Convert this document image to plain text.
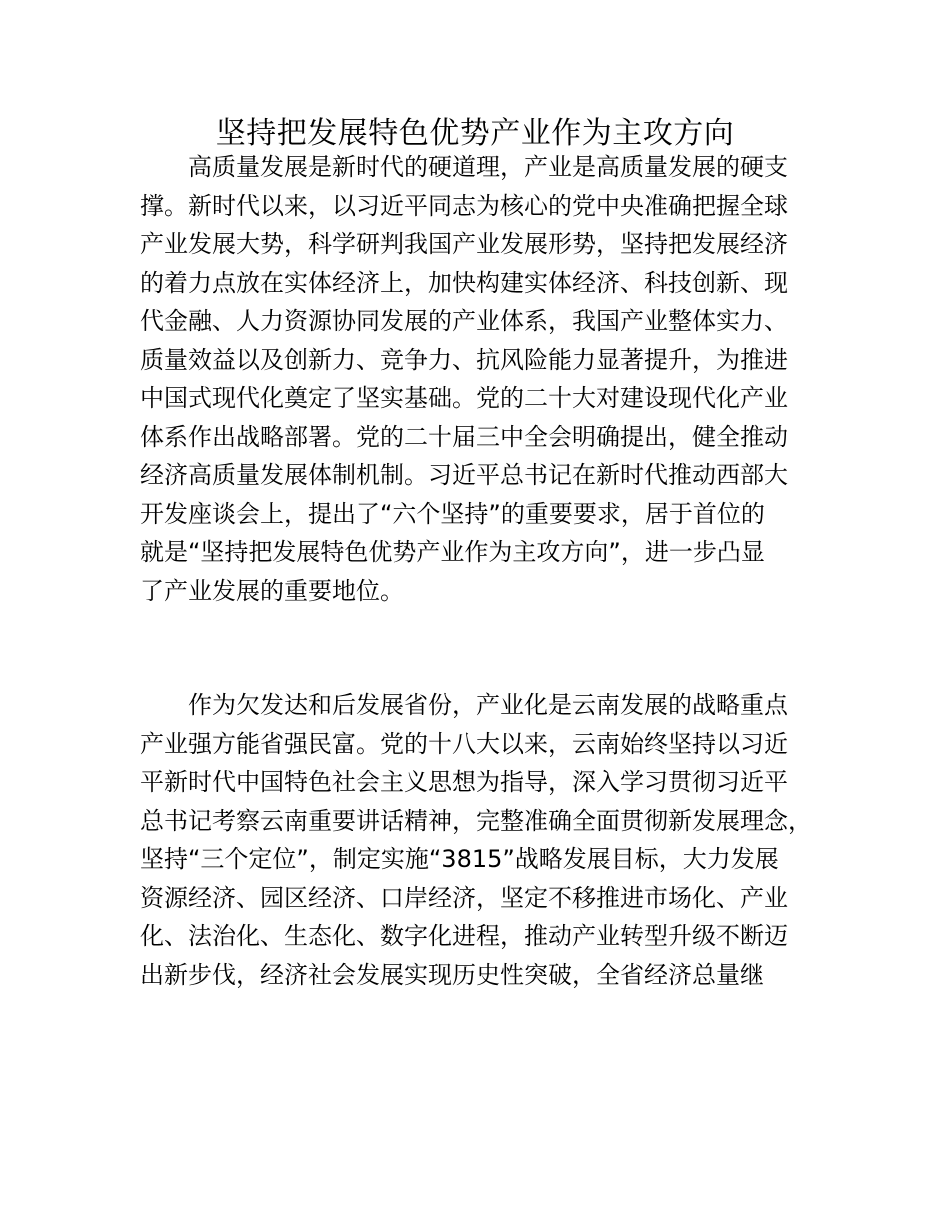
坚持把发展特色优势产业作为主攻方向
　　高质量发展是新时代的硬道理，产业是高质量发展的硬支
撑。新时代以来，以习近平同志为核心的党中央准确把握全球
产业发展大势，科学研判我国产业发展形势，坚持把发展经济
的着力点放在实体经济上，加快构建实体经济、科技创新、现
代金融、人力资源协同发展的产业体系，我国产业整体实力、
质量效益以及创新力、竞争力、抗风险能力显著提升，为推进
中国式现代化奠定了坚实基础。党的二十大对建设现代化产业
体系作出战略部署。党的二十届三中全会明确提出，健全推动
经济高质量发展体制机制。习近平总书记在新时代推动西部大
开发座谈会上，提出了“六个坚持”的重要要求，居于首位的
就是“坚持把发展特色优势产业作为主攻方向”，进一步凸显
了产业发展的重要地位。
　　作为欠发达和后发展省份，产业化是云南发展的战略重点
产业强方能省强民富。党的十八大以来，云南始终坚持以习近
平新时代中国特色社会主义思想为指导，深入学习贯彻习近平
总书记考察云南重要讲话精神，完整准确全面贯彻新发展理念，
坚持“三个定位”，制定实施“3815”战略发展目标，大力发展
资源经济、园区经济、口岸经济，坚定不移推进市场化、产业
化、法治化、生态化、数字化进程，推动产业转型升级不断迈
出新步伐，经济社会发展实现历史性突破，全省经济总量继
